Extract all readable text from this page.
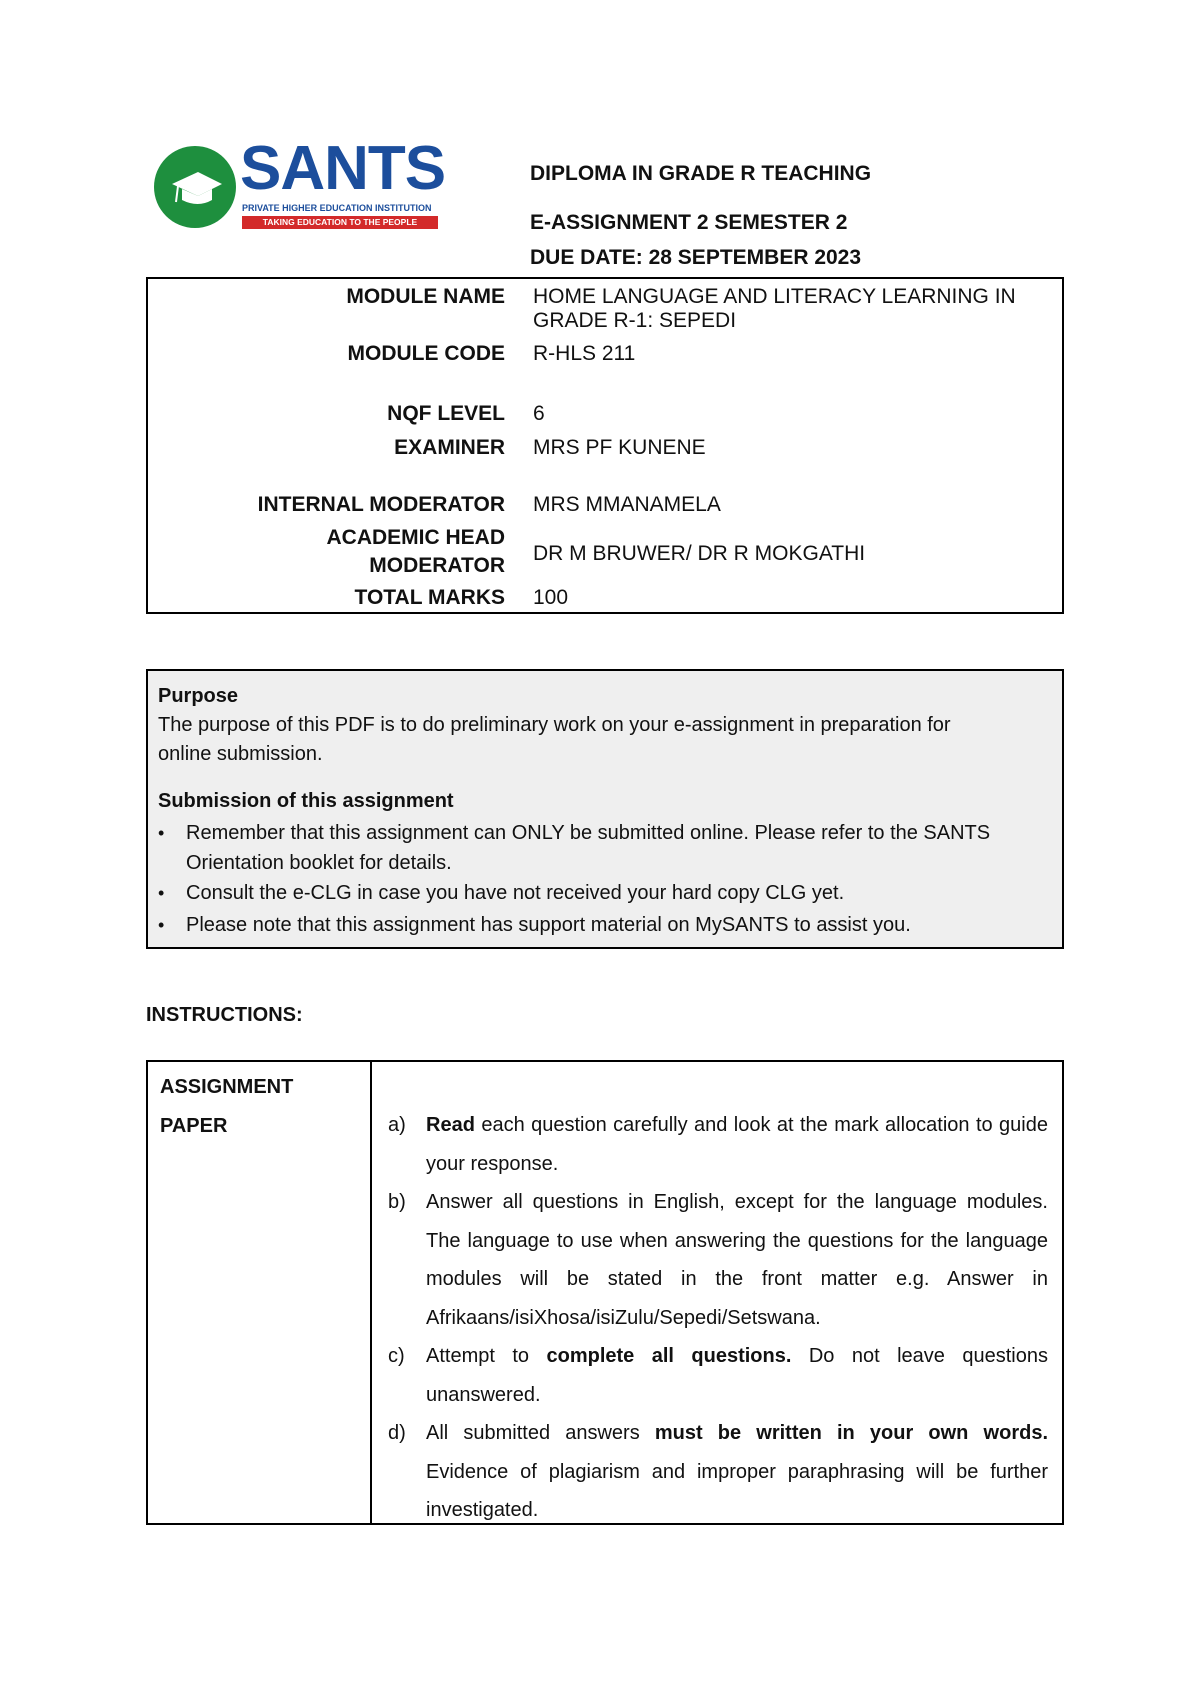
SANTS
PRIVATE HIGHER EDUCATION INSTITUTION
TAKING EDUCATION TO THE PEOPLE
DIPLOMA IN GRADE R TEACHING
E-ASSIGNMENT 2 SEMESTER 2
DUE DATE: 28 SEPTEMBER 2023
MODULE NAME HOME LANGUAGE AND LITERACY LEARNING IN
GRADE R-1: SEPEDI
MODULE CODE R-HLS 211
NQF LEVEL 6
EXAMINER MRS PF KUNENE
INTERNAL MODERATOR MRS MMANAMELA
ACADEMIC HEAD
MODERATOR
DR M BRUWER/ DR R MOKGATHI
TOTAL MARKS 100
Purpose
The purpose of this PDF is to do preliminary work on your e-assignment in preparation for
online submission.
Submission of this assignment
•	Remember that this assignment can ONLY be submitted online. Please refer to the SANTS Orientation booklet for details.
•	Consult the e-CLG in case you have not received your hard copy CLG yet.
•	Please note that this assignment has support material on MySANTS to assist you.
INSTRUCTIONS:
ASSIGNMENT
PAPER	a) Read each question carefully and look at the mark allocation to guide your response.
b) Answer all questions in English, except for the language modules. The language to use when answering the questions for the language modules will be stated in the front matter e.g. Answer in Afrikaans/isiXhosa/isiZulu/Sepedi/Setswana.
c) Attempt to complete all questions. Do not leave questions unanswered.
d) All submitted answers must be written in your own words. Evidence of plagiarism and improper paraphrasing will be further investigated.
